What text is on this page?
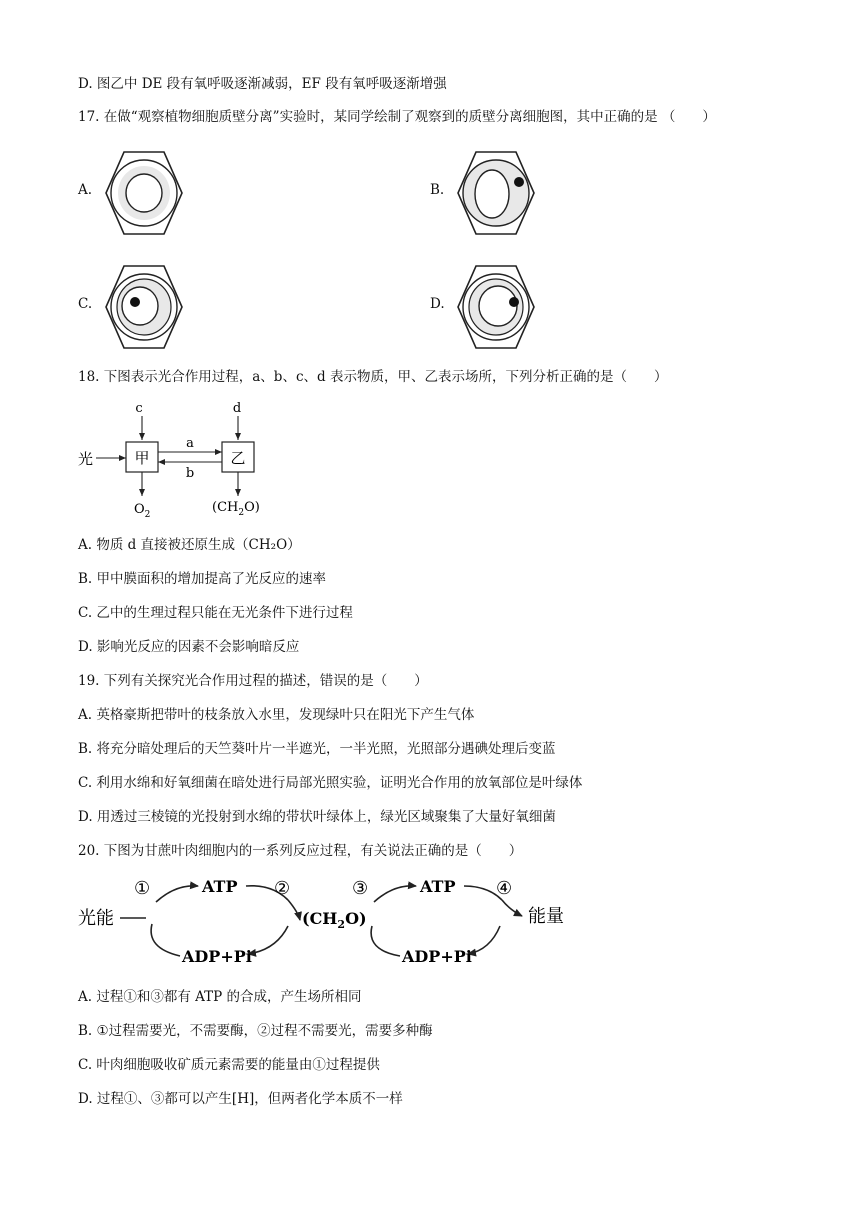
D. 图乙中 DE 段有氧呼吸逐渐减弱，EF 段有氧呼吸逐渐增强
17. 在做“观察植物细胞质壁分离”实验时，某同学绘制了观察到的质壁分离细胞图，其中正确的是 （　　）
A.	B.
C.	D.
18. 下图表示光合作用过程，a、b、c、d 表示物质，甲、乙表示场所，下列分析正确的是（　　）
c	d
光	甲	乙
a
b
$O_2$	$(CH_2O)$
A. 物质 d 直接被还原生成（CH₂O）
B. 甲中膜面积的增加提高了光反应的速率
C. 乙中的生理过程只能在无光条件下进行过程
D. 影响光反应的因素不会影响暗反应
19. 下列有关探究光合作用过程的描述，错误的是（　　）
A. 英格豪斯把带叶的枝条放入水里，发现绿叶只在阳光下产生气体
B. 将充分暗处理后的天竺葵叶片一半遮光，一半光照，光照部分遇碘处理后变蓝
C. 利用水绵和好氧细菌在暗处进行局部光照实验，证明光合作用的放氧部位是叶绿体
D. 用透过三棱镜的光投射到水绵的带状叶绿体上，绿光区域聚集了大量好氧细菌
20. 下图为甘蔗叶肉细胞内的一系列反应过程，有关说法正确的是（　　）
光能
①	ATP ②
$(CH_2O)$
ADP+Pi
③	ATP ④
能量
ADP+Pi
A. 过程①和③都有 ATP 的合成，产生场所相同
B. ①过程需要光，不需要酶，②过程不需要光，需要多种酶
C. 叶肉细胞吸收矿质元素需要的能量由①过程提供
D. 过程①、③都可以产生[H]，但两者化学本质不一样
